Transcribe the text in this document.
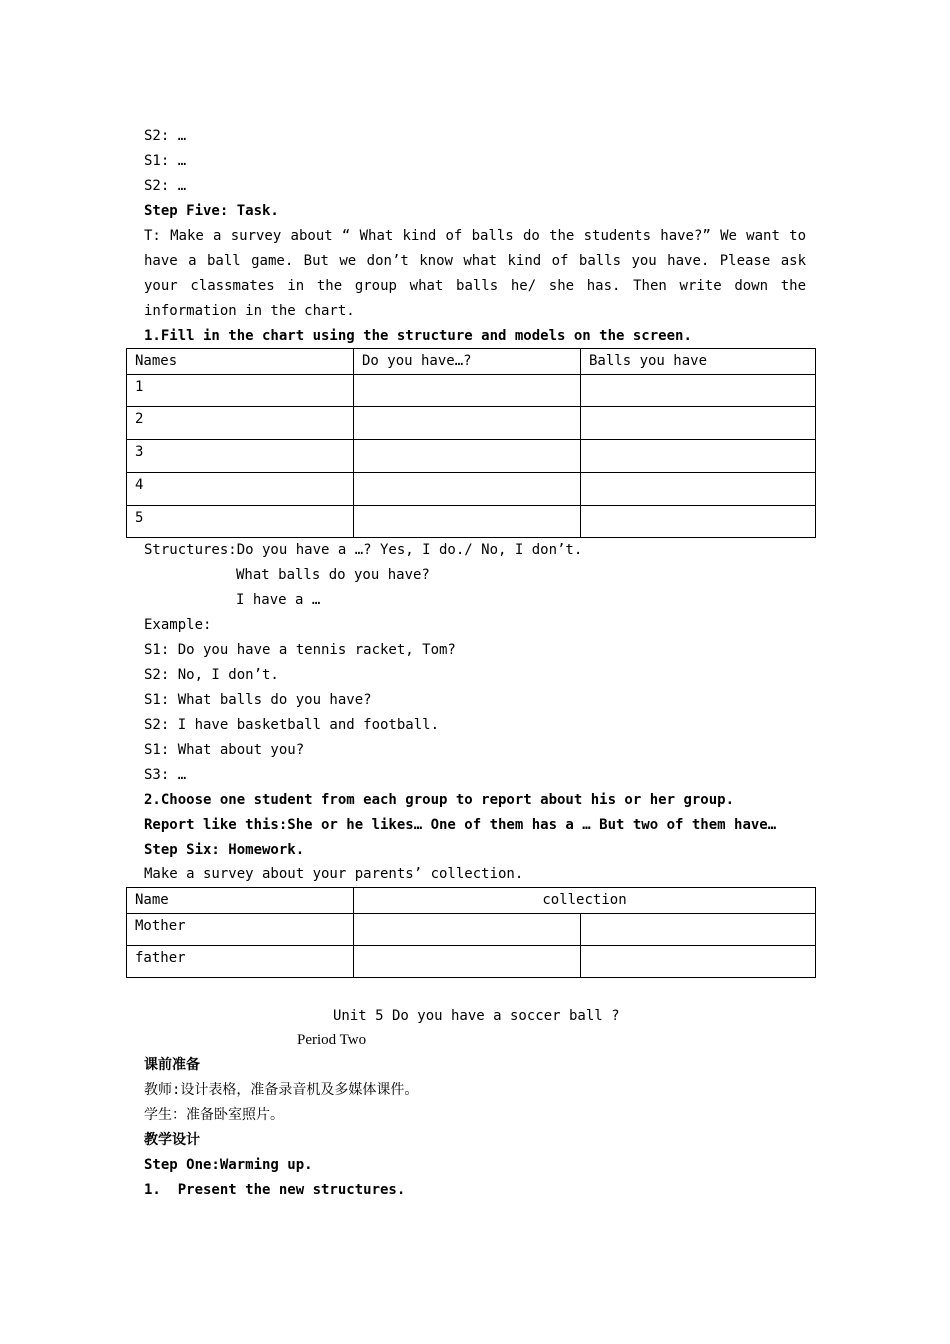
S2: …
S1: …
S2: …
Step Five: Task.
T: Make a survey about “ What kind of balls do the students have?” We want to
have a ball game. But we don’t know what kind of balls you have. Please ask
your classmates in the group what balls he/ she has. Then write down the
information in the chart.
1.Fill in the chart using the structure and models on the screen.
Names	Do you have…?	Balls you have
1		
2		
3		
4		
5		
Structures:Do you have a …? Yes, I do./ No, I don’t.
What balls do you have?
I have a …
Example:
S1: Do you have a tennis racket, Tom?
S2: No, I don’t.
S1: What balls do you have?
S2: I have basketball and football.
S1: What about you?
S3: …
2.Choose one student from each group to report about his or her group.
Report like this:She or he likes… One of them has a … But two of them have…
Step Six: Homework.
Make a survey about your parents’ collection.
Name	collection	
Mother		
father		
Unit 5 Do you have a soccer ball ?
Period Two
课前准备
教师:设计表格，准备录音机及多媒体课件。
学生：准备卧室照片。
教学设计
Step One:Warming up.
1.  Present the new structures.
